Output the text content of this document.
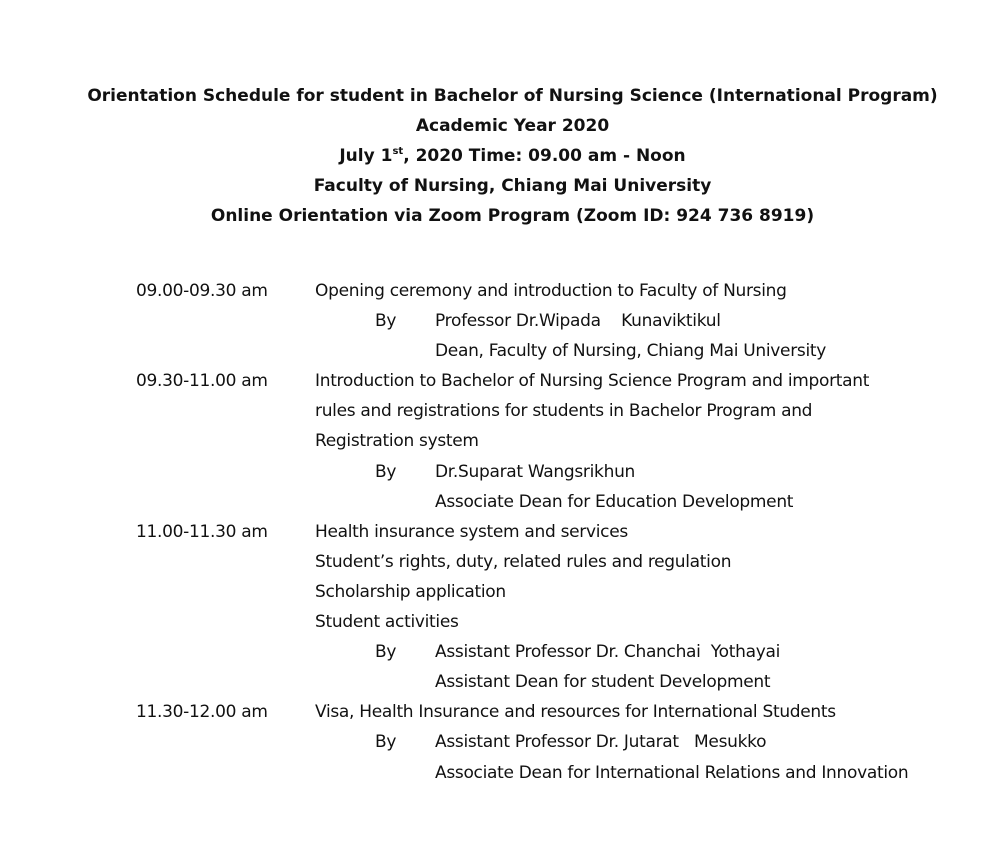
Orientation Schedule for student in Bachelor of Nursing Science (International Program)
Academic Year 2020
July 1st, 2020 Time: 09.00 am - Noon
Faculty of Nursing, Chiang Mai University
Online Orientation via Zoom Program (Zoom ID: 924 736 8919)
09.00-09.30 am	Opening ceremony and introduction to Faculty of Nursing
By Professor Dr.Wipada    Kunaviktikul
Dean, Faculty of Nursing, Chiang Mai University
09.30-11.00 am	Introduction to Bachelor of Nursing Science Program and important
rules and registrations for students in Bachelor Program and
Registration system
By Dr.Suparat Wangsrikhun
Associate Dean for Education Development
11.00-11.30 am	Health insurance system and services
Student’s rights, duty, related rules and regulation
Scholarship application
Student activities
By Assistant Professor Dr. Chanchai  Yothayai
Assistant Dean for student Development
11.30-12.00 am	Visa, Health Insurance and resources for International Students
By Assistant Professor Dr. Jutarat   Mesukko
Associate Dean for International Relations and Innovation
